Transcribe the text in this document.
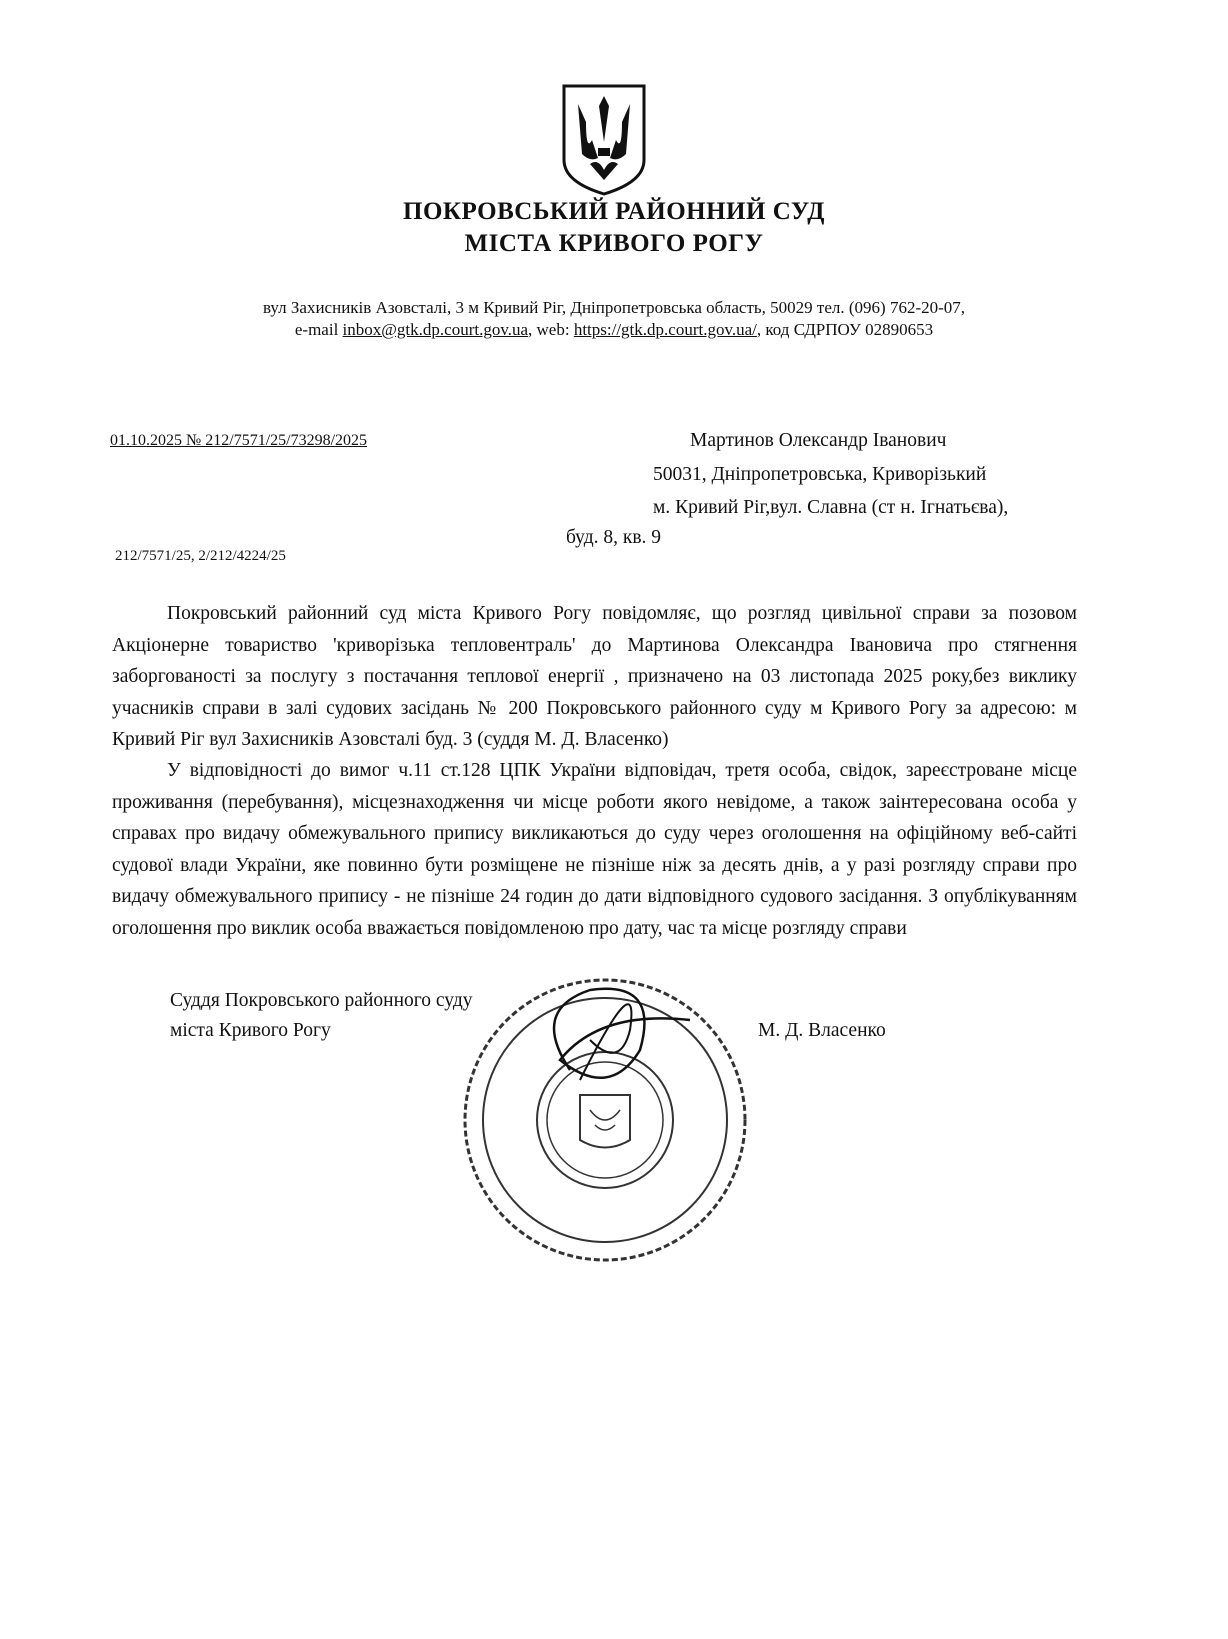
ПОКРОВСЬКИЙ РАЙОННИЙ СУД
МІСТА КРИВОГО РОГУ
вул Захисників Азовсталі, 3 м Кривий Ріг, Дніпропетровська область, 50029 тел. (096) 762-20-07,
e-mail inbox@gtk.dp.court.gov.ua, web: https://gtk.dp.court.gov.ua/, код СДРПОУ 02890653
01.10.2025 № 212/7571/25/73298/2025
212/7571/25, 2/212/4224/25
Мартинов Олександр Іванович
50031, Дніпропетровська, Криворізький
м. Кривий Ріг,вул. Славна (ст н. Ігнатьєва),
буд. 8, кв. 9
Покровський районний суд міста Кривого Рогу повідомляє, що розгляд цивільної справи за позовом Акціонерне товариство 'криворізька тепловентраль' до Мартинова Олександра Івановича про стягнення заборгованості за послугу з постачання теплової енергії , призначено на 03 листопада 2025 року,без виклику учасників справи в залі судових засідань № 200 Покровського районного суду м Кривого Рогу за адресою: м Кривий Ріг вул Захисників Азовсталі буд. 3 (суддя М. Д. Власенко)
У відповідності до вимог ч.11 ст.128 ЦПК України відповідач, третя особа, свідок, зареєстроване місце проживання (перебування), місцезнаходження чи місце роботи якого невідоме, а також заінтересована особа у справах про видачу обмежувального припису викликаються до суду через оголошення на офіційному веб-сайті судової влади України, яке повинно бути розміщене не пізніше ніж за десять днів, а у разі розгляду справи про видачу обмежувального припису - не пізніше 24 годин до дати відповідного судового засідання. З опублікуванням оголошення про виклик особа вважається повідомленою про дату, час та місце розгляду справи
Суддя Покровського районного суду
міста Кривого Рогу	М. Д. Власенко
